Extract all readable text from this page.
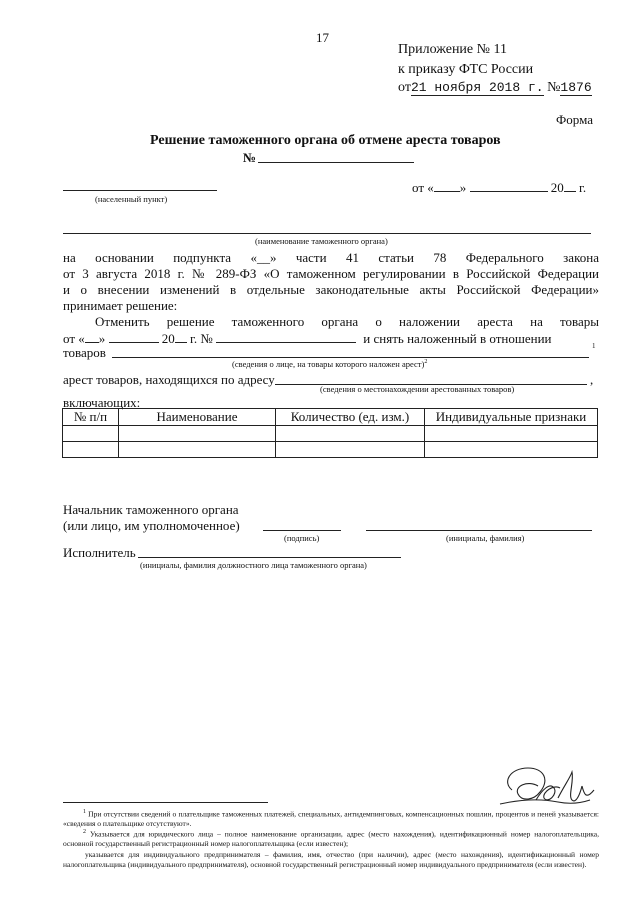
17
Приложение № 11
к приказу ФТС России
от21 ноября 2018 г. №1876
Форма
Решение таможенного органа об отмене ареста товаров
№
(населенный пункт)
от « »	20 г.
(наименование таможенного органа)
на основании подпункта «__» части 41 статьи 78 Федерального закона
от 3 августа 2018 г. № 289-ФЗ «О таможенном регулировании в Российской Федерации
и о внесении изменений в отдельные законодательные акты Российской Федерации»
принимает решение:
Отменить решение таможенного органа о наложении ареста на товары
от « »	20 г. №	и снять наложенный в отношении
товаров	1
(сведения о лице, на товары которого наложен арест)$^2$
арест товаров, находящихся по адресу	,
(сведения о местонахождении арестованных товаров)
включающих:
№ п/п	Наименование	Количество (ед. изм.)	Индивидуальные признаки

Начальник таможенного органа
(или лицо, им уполномоченное)
(подпись)	(инициалы, фамилия)
Исполнитель
(инициалы, фамилия должностного лица таможенного органа)
$^1$ При отсутствии сведений о плательщике таможенных платежей, специальных, антидемпинговых, компенсационных пошлин, процентов и пеней указывается: «сведения о плательщике отсутствуют».
$^2$ Указывается для юридического лица – полное наименование организации, адрес (место нахождения), идентификационный номер налогоплательщика, основной государственный регистрационный номер налогоплательщика (если известен);
указывается для индивидуального предпринимателя – фамилия, имя, отчество (при наличии), адрес (место нахождения), идентификационный номер налогоплательщика (индивидуального предпринимателя), основной государственный регистрационный номер индивидуального предпринимателя (если известен).
